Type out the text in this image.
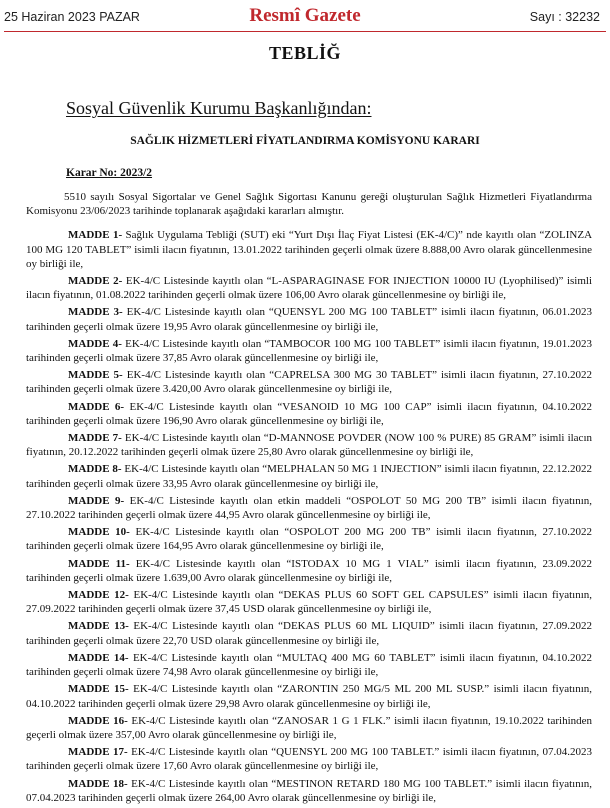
25 Haziran 2023 PAZAR	Resmî Gazete	Sayı : 32232
TEBLİĞ
Sosyal Güvenlik Kurumu Başkanlığından:
SAĞLIK HİZMETLERİ FİYATLANDIRMA KOMİSYONU KARARI
Karar No: 2023/2

5510 sayılı Sosyal Sigortalar ve Genel Sağlık Sigortası Kanunu gereği oluşturulan Sağlık Hizmetleri Fiyatlandırma Komisyonu 23/06/2023 tarihinde toplanarak aşağıdaki kararları almıştır.

MADDE 1- Sağlık Uygulama Tebliği (SUT) eki “Yurt Dışı İlaç Fiyat Listesi (EK-4/C)” nde kayıtlı olan “ZOLINZA 100 MG 120 TABLET” isimli ilacın fiyatının, 13.01.2022 tarihinden geçerli olmak üzere 8.888,00 Avro olarak güncellenmesine oy birliği ile,

MADDE 2- EK-4/C Listesinde kayıtlı olan “L-ASPARAGINASE FOR INJECTION 10000 IU (Lyophilised)” isimli ilacın fiyatının, 01.08.2022 tarihinden geçerli olmak üzere 106,00 Avro olarak güncellenmesine oy birliği ile,

MADDE 3- EK-4/C Listesinde kayıtlı olan “QUENSYL 200 MG 100 TABLET” isimli ilacın fiyatının, 06.01.2023 tarihinden geçerli olmak üzere 19,95 Avro olarak güncellenmesine oy birliği ile,

MADDE 4- EK-4/C Listesinde kayıtlı olan “TAMBOCOR 100 MG 100 TABLET” isimli ilacın fiyatının, 19.01.2023 tarihinden geçerli olmak üzere 37,85 Avro olarak güncellenmesine oy birliği ile,

MADDE 5- EK-4/C Listesinde kayıtlı olan “CAPRELSA 300 MG 30 TABLET” isimli ilacın fiyatının, 27.10.2022 tarihinden geçerli olmak üzere 3.420,00 Avro olarak güncellenmesine oy birliği ile,

MADDE 6- EK-4/C Listesinde kayıtlı olan “VESANOID 10 MG 100 CAP” isimli ilacın fiyatının, 04.10.2022 tarihinden geçerli olmak üzere 196,90 Avro olarak güncellenmesine oy birliği ile,

MADDE 7- EK-4/C Listesinde kayıtlı olan “D-MANNOSE POVDER (NOW 100 % PURE) 85 GRAM” isimli ilacın fiyatının, 20.12.2022 tarihinden geçerli olmak üzere 25,80 Avro olarak güncellenmesine oy birliği ile,

MADDE 8- EK-4/C Listesinde kayıtlı olan “MELPHALAN 50 MG 1 INJECTION” isimli ilacın fiyatının, 22.12.2022 tarihinden geçerli olmak üzere 33,95 Avro olarak güncellenmesine oy birliği ile,

MADDE 9- EK-4/C Listesinde kayıtlı olan etkin maddeli “OSPOLOT 50 MG 200 TB” isimli ilacın fiyatının, 27.10.2022 tarihinden geçerli olmak üzere 44,95 Avro olarak güncellenmesine oy birliği ile,

MADDE 10- EK-4/C Listesinde kayıtlı olan “OSPOLOT 200 MG 200 TB” isimli ilacın fiyatının, 27.10.2022 tarihinden geçerli olmak üzere 164,95 Avro olarak güncellenmesine oy birliği ile,

MADDE 11- EK-4/C Listesinde kayıtlı olan “ISTODAX 10 MG 1 VIAL” isimli ilacın fiyatının, 23.09.2022 tarihinden geçerli olmak üzere 1.639,00 Avro olarak güncellenmesine oy birliği ile,

MADDE 12- EK-4/C Listesinde kayıtlı olan “DEKAS PLUS 60 SOFT GEL CAPSULES” isimli ilacın fiyatının, 27.09.2022 tarihinden geçerli olmak üzere 37,45 USD olarak güncellenmesine oy birliği ile,

MADDE 13- EK-4/C Listesinde kayıtlı olan “DEKAS PLUS 60 ML LIQUID” isimli ilacın fiyatının, 27.09.2022 tarihinden geçerli olmak üzere 22,70 USD olarak güncellenmesine oy birliği ile,

MADDE 14- EK-4/C Listesinde kayıtlı olan “MULTAQ 400 MG 60 TABLET” isimli ilacın fiyatının, 04.10.2022 tarihinden geçerli olmak üzere 74,98 Avro olarak güncellenmesine oy birliği ile,

MADDE 15- EK-4/C Listesinde kayıtlı olan “ZARONTIN 250 MG/5 ML 200 ML SUSP.” isimli ilacın fiyatının, 04.10.2022 tarihinden geçerli olmak üzere 29,98 Avro olarak güncellenmesine oy birliği ile,

MADDE 16- EK-4/C Listesinde kayıtlı olan “ZANOSAR 1 G 1 FLK.” isimli ilacın fiyatının, 19.10.2022 tarihinden geçerli olmak üzere 357,00 Avro olarak güncellenmesine oy birliği ile,

MADDE 17- EK-4/C Listesinde kayıtlı olan “QUENSYL 200 MG 100 TABLET.” isimli ilacın fiyatının, 07.04.2023 tarihinden geçerli olmak üzere 17,60 Avro olarak güncellenmesine oy birliği ile,

MADDE 18- EK-4/C Listesinde kayıtlı olan “MESTINON RETARD 180 MG 100 TABLET.” isimli ilacın fiyatının, 07.04.2023 tarihinden geçerli olmak üzere 264,00 Avro olarak güncellenmesine oy birliği ile,
